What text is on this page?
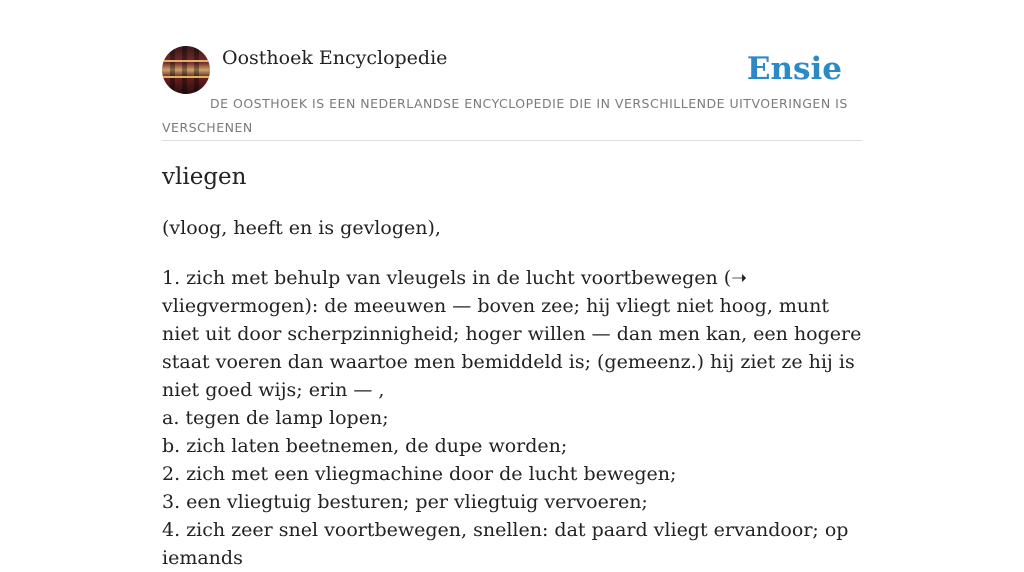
Oosthoek Encyclopedie	Ensie
DE OOSTHOEK IS EEN NEDERLANDSE ENCYCLOPEDIE DIE IN VERSCHILLENDE UITVOERINGEN IS VERSCHENEN
vliegen
(vloog, heeft en is gevlogen),

1. zich met behulp van vleugels in de lucht voortbewegen (➝ vliegvermogen): de meeuwen — boven zee; hij vliegt niet hoog, munt niet uit door scherpzinnigheid; hoger willen — dan men kan, een hogere staat voeren dan waartoe men bemiddeld is; (gemeenz.) hij ziet ze hij is niet goed wijs; erin — ,

a. tegen de lamp lopen;

b. zich laten beetnemen, de dupe worden;

2. zich met een vliegmachine door de lucht bewegen;

3. een vliegtuig besturen; per vliegtuig vervoeren;

4. zich zeer snel voortbewegen, snellen: dat paard vliegt ervandoor; op iemands
